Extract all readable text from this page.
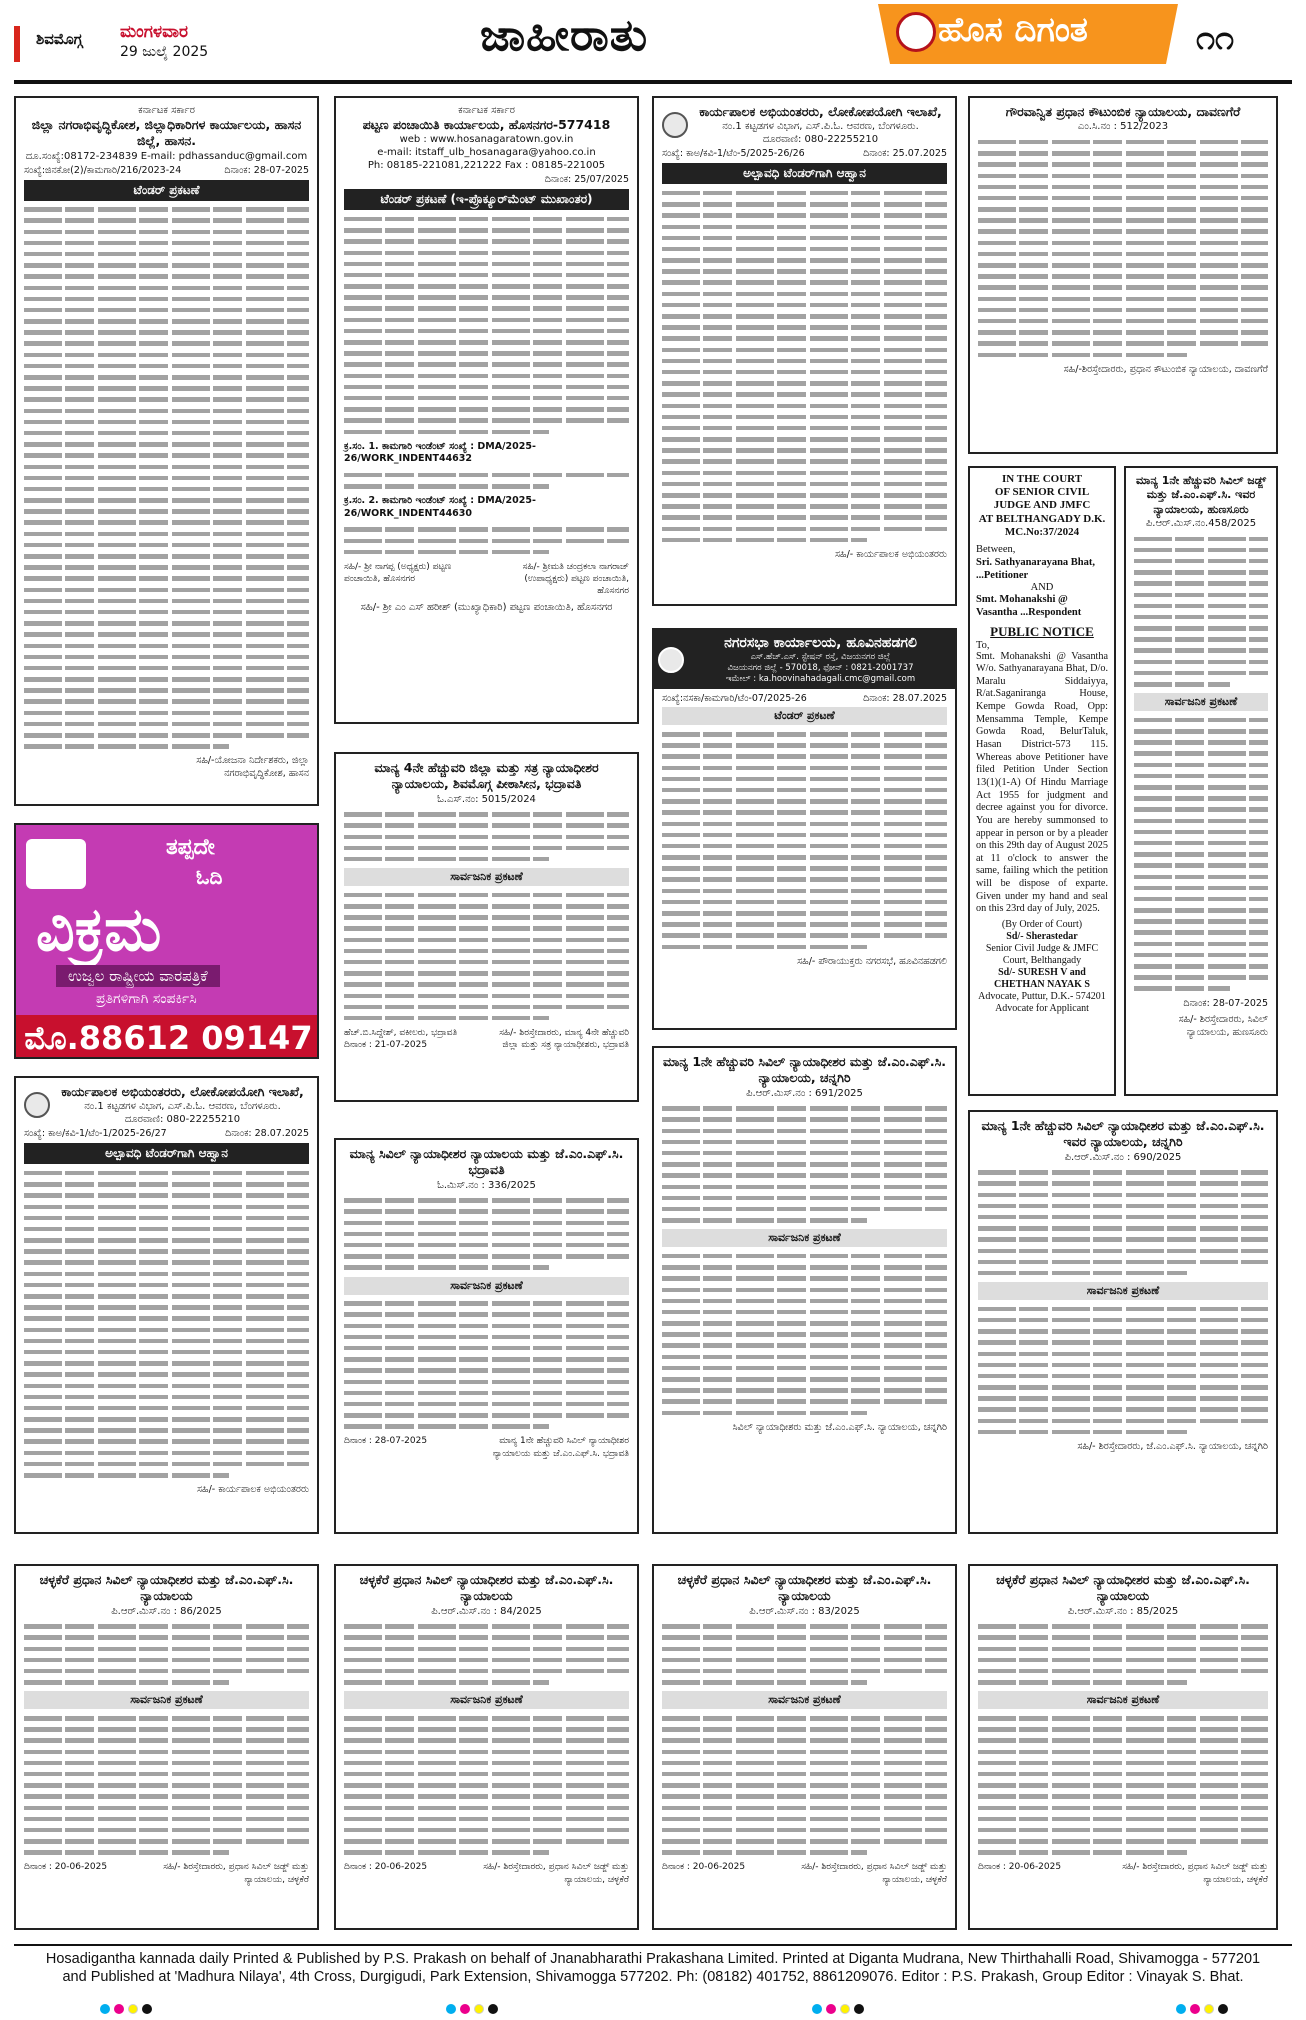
ಶಿವಮೊಗ್ಗ ಮಂಗಳವಾರ
29 ಜುಲೈ 2025	ಜಾಹೀರಾತು	ಹೊಸ ದಿಗಂತ	೧೧
ಕರ್ನಾಟಕ ಸರ್ಕಾರ
ಜಿಲ್ಲಾ ನಗರಾಭಿವೃದ್ಧಿಕೋಶ, ಜಿಲ್ಲಾಧಿಕಾರಿಗಳ ಕಾರ್ಯಾಲಯ, ಹಾಸನ ಜಿಲ್ಲೆ, ಹಾಸನ.
ದೂ.ಸಂಖ್ಯೆ:08172-234839 E-mail: pdhassanduc@gmail.com
ಸಂಖ್ಯೆ:ಜಿನಕೋ(2)/ಕಾಮಗಾರಿ/216/2023-24	ದಿನಾಂಕ: 28-07-2025
ಟೆಂಡರ್ ಪ್ರಕಟಣೆ
ಸಹಿ/-ಯೋಜನಾ ನಿರ್ದೇಶಕರು, ಜಿಲ್ಲಾ
ನಗರಾಭಿವೃದ್ಧಿಕೋಶ, ಹಾಸನ
ತಪ್ಪದೇ
ಓದಿ
ವಿಕ್ರಮ
ಉಜ್ವಲ ರಾಷ್ಟ್ರೀಯ ವಾರಪತ್ರಿಕೆ
ಪ್ರತಿಗಳಿಗಾಗಿ ಸಂಪರ್ಕಿಸಿ
ಮೊ.88612 09147
ಕಾರ್ಯಪಾಲಕ ಅಭಿಯಂತರರು, ಲೋಕೋಪಯೋಗಿ ಇಲಾಖೆ,
ನಂ.1 ಕಟ್ಟಡಗಳ ವಿಭಾಗ, ಎಸ್.ಪಿ.ಓ. ಆವರಣ, ಬೆಂಗಳೂರು.
ದೂರವಾಣಿ: 080-22255210
ಸಂಖ್ಯೆ: ಕಾಅ/ಕವಿ-1/ಟೆಂ-1/2025-26/27	ದಿನಾಂಕ: 28.07.2025
ಅಲ್ಪಾವಧಿ ಟೆಂಡರ್‌ಗಾಗಿ ಆಹ್ವಾನ
ಸಹಿ/- ಕಾರ್ಯಪಾಲಕ ಅಭಿಯಂತರರು
ಕರ್ನಾಟಕ ಸರ್ಕಾರ
ಪಟ್ಟಣ ಪಂಚಾಯಿತಿ ಕಾರ್ಯಾಲಯ, ಹೊಸನಗರ-577418
web : www.hosanagaratown.gov.in
e-mail: itstaff_ulb_hosanagara@yahoo.co.in
Ph: 08185-221081,221222 Fax : 08185-221005
ದಿನಾಂಕ: 25/07/2025
ಟೆಂಡರ್ ಪ್ರಕಟಣೆ (ಇ-ಪ್ರೊಕ್ಯೂರ್‌ಮೆಂಟ್ ಮುಖಾಂತರ)
ಕ್ರ.ಸಂ. 1. ಕಾಮಗಾರಿ ಇಂಡೆಂಟ್ ಸಂಖ್ಯೆ : DMA/2025-26/WORK_INDENT44632
ಕ್ರ.ಸಂ. 2. ಕಾಮಗಾರಿ ಇಂಡೆಂಟ್ ಸಂಖ್ಯೆ : DMA/2025-26/WORK_INDENT44630
ಸಹಿ/- ಶ್ರೀ ನಾಗಪ್ಪ (ಅಧ್ಯಕ್ಷರು) ಪಟ್ಟಣ ಪಂಚಾಯಿತಿ, ಹೊಸನಗರ
ಸಹಿ/- ಶ್ರೀಮತಿ ಚಂದ್ರಕಲಾ ನಾಗರಾಜ್ (ಉಪಾಧ್ಯಕ್ಷರು) ಪಟ್ಟಣ ಪಂಚಾಯಿತಿ, ಹೊಸನಗರ
ಸಹಿ/- ಶ್ರೀ ಎಂ ಎಸ್ ಹರೀಶ್ (ಮುಖ್ಯಾಧಿಕಾರಿ) ಪಟ್ಟಣ ಪಂಚಾಯಿತಿ, ಹೊಸನಗರ
ಮಾನ್ಯ 4ನೇ ಹೆಚ್ಚುವರಿ ಜಿಲ್ಲಾ ಮತ್ತು ಸತ್ರ ನ್ಯಾಯಾಧೀಶರ ನ್ಯಾಯಾಲಯ, ಶಿವಮೊಗ್ಗ ಪೀಠಾಸೀನ, ಭದ್ರಾವತಿ
ಓ.ಎಸ್.ನಂ: 5015/2024
ಸಾರ್ವಜನಿಕ ಪ್ರಕಟಣೆ
ಹೆಚ್.ಬಿ.ಸಿದ್ದೇಶ್, ವಕೀಲರು, ಭದ್ರಾವತಿ
ದಿನಾಂಕ : 21-07-2025
ಸಹಿ/- ಶಿರಸ್ತೇದಾರರು, ಮಾನ್ಯ 4ನೇ ಹೆಚ್ಚುವರಿ ಜಿಲ್ಲಾ ಮತ್ತು ಸತ್ರ ನ್ಯಾಯಾಧೀಶರು, ಭದ್ರಾವತಿ
ಮಾನ್ಯ ಸಿವಿಲ್ ನ್ಯಾಯಾಧೀಶರ ನ್ಯಾಯಾಲಯ ಮತ್ತು ಜೆ.ಎಂ.ಎಫ್.ಸಿ. ಭದ್ರಾವತಿ
ಓ.ಮಿಸ್.ನಂ : 336/2025
ಸಾರ್ವಜನಿಕ ಪ್ರಕಟಣೆ
ದಿನಾಂಕ : 28-07-2025	ಮಾನ್ಯ 1ನೇ ಹೆಚ್ಚುವರಿ ಸಿವಿಲ್ ನ್ಯಾಯಾಧೀಶರ ನ್ಯಾಯಾಲಯ ಮತ್ತು ಜೆ.ಎಂ.ಎಫ್.ಸಿ. ಭದ್ರಾವತಿ
ಕಾರ್ಯಪಾಲಕ ಅಭಿಯಂತರರು, ಲೋಕೋಪಯೋಗಿ ಇಲಾಖೆ,
ನಂ.1 ಕಟ್ಟಡಗಳ ವಿಭಾಗ, ಎಸ್.ಪಿ.ಓ. ಆವರಣ, ಬೆಂಗಳೂರು.
ದೂರವಾಣಿ: 080-22255210
ಸಂಖ್ಯೆ: ಕಾಅ/ಕವಿ-1/ಟೆಂ-5/2025-26/26	ದಿನಾಂಕ: 25.07.2025
ಅಲ್ಪಾವಧಿ ಟೆಂಡರ್‌ಗಾಗಿ ಆಹ್ವಾನ
ಸಹಿ/- ಕಾರ್ಯಪಾಲಕ ಅಭಿಯಂತರರು
ನಗರಸಭಾ ಕಾರ್ಯಾಲಯ, ಹೂವಿನಹಡಗಲಿ
ಎಸ್.ಹೆಚ್.ಎಸ್. ಸ್ಟೇಷನ್ ರಸ್ತೆ, ವಿಜಯನಗರ ಜಿಲ್ಲೆ
ವಿಜಯನಗರ ಜಿಲ್ಲೆ - 570018, ಫೋನ್ : 0821-2001737
ಇಮೇಲ್ : ka.hoovinahadagali.cmc@gmail.com
ಸಂಖ್ಯೆ:ನಸಕಾ/ಕಾಮಗಾರಿ/ಟೆಂ-07/2025-26	ದಿನಾಂಕ: 28.07.2025
ಟೆಂಡರ್ ಪ್ರಕಟಣೆ
ಸಹಿ/- ಪೌರಾಯುಕ್ತರು ನಗರಸಭೆ, ಹೂವಿನಹಡಗಲಿ
ಮಾನ್ಯ 1ನೇ ಹೆಚ್ಚುವರಿ ಸಿವಿಲ್ ನ್ಯಾಯಾಧೀಶರ ಮತ್ತು ಜೆ.ಎಂ.ಎಫ್.ಸಿ. ನ್ಯಾಯಾಲಯ, ಚನ್ನಗಿರಿ
ಪಿ.ಆರ್.ಮಿಸ್.ನಂ : 691/2025
ಸಾರ್ವಜನಿಕ ಪ್ರಕಟಣೆ
ಸಿವಿಲ್ ನ್ಯಾಯಾಧೀಶರು ಮತ್ತು ಜೆ.ಎಂ.ಎಫ್.ಸಿ. ನ್ಯಾಯಾಲಯ, ಚನ್ನಗಿರಿ
ಗೌರವಾನ್ವಿತ ಪ್ರಧಾನ ಕೌಟುಂಬಿಕ ನ್ಯಾಯಾಲಯ, ದಾವಣಗೆರೆ
ಎಂ.ಸಿ.ನಂ : 512/2023
ಸಹಿ/-ಶಿರಸ್ತೇದಾರರು, ಪ್ರಧಾನ ಕೌಟುಂಬಿಕ ನ್ಯಾಯಾಲಯ, ದಾವಣಗೆರೆ
IN THE COURT
OF SENIOR CIVIL
JUDGE AND JMFC
AT BELTHANGADY D.K.
MC.No:37/2024
Between,
Sri. Sathyanarayana Bhat, ...Petitioner
AND
Smt. Mohanakshi @ Vasantha ...Respondent
PUBLIC NOTICE
To,
Smt. Mohanakshi @ Vasantha W/o. Sathyanarayana Bhat, D/o. Maralu Siddaiyya, R/at.Saganiranga House, Kempe Gowda Road, Opp: Mensamma Temple, Kempe Gowda Road, BelurTaluk, Hasan District-573 115. Whereas above Petitioner have filed Petition Under Section 13(1)(1-A) Of Hindu Marriage Act 1955 for judgment and decree against you for divorce. You are hereby summonsed to appear in person or by a pleader on this 29th day of August 2025 at 11 o'clock to answer the same, failing which the petition will be dispose of exparte. Given under my hand and seal on this 23rd day of July, 2025.
(By Order of Court)
Sd/- Sherastedar
Senior Civil Judge & JMFC Court, Belthangady
Sd/- SURESH V and CHETHAN NAYAK S
Advocate, Puttur, D.K.- 574201
Advocate for Applicant
ಮಾನ್ಯ 1ನೇ ಹೆಚ್ಚುವರಿ ಸಿವಿಲ್ ಜಡ್ಜ್ ಮತ್ತು ಜೆ.ಎಂ.ಎಫ್.ಸಿ. ಇವರ ನ್ಯಾಯಾಲಯ, ಹುಣಸೂರು
ಪಿ.ಆರ್.ಮಿಸ್.ನಂ.458/2025
ಸಾರ್ವಜನಿಕ ಪ್ರಕಟಣೆ
ದಿನಾಂಕ: 28-07-2025
ಸಹಿ/- ಶಿರಸ್ತೇದಾರರು, ಸಿವಿಲ್ ನ್ಯಾಯಾಲಯ, ಹುಣಸೂರು
ಮಾನ್ಯ 1ನೇ ಹೆಚ್ಚುವರಿ ಸಿವಿಲ್ ನ್ಯಾಯಾಧೀಶರ ಮತ್ತು ಜೆ.ಎಂ.ಎಫ್.ಸಿ. ಇವರ ನ್ಯಾಯಾಲಯ, ಚನ್ನಗಿರಿ
ಪಿ.ಆರ್.ಮಿಸ್.ನಂ : 690/2025
ಸಾರ್ವಜನಿಕ ಪ್ರಕಟಣೆ
ಸಹಿ/- ಶಿರಸ್ತೇದಾರರು, ಜೆ.ಎಂ.ಎಫ್.ಸಿ. ನ್ಯಾಯಾಲಯ, ಚನ್ನಗಿರಿ
ಚಳ್ಳಕೆರೆ ಪ್ರಧಾನ ಸಿವಿಲ್ ನ್ಯಾಯಾಧೀಶರ ಮತ್ತು ಜೆ.ಎಂ.ಎಫ್.ಸಿ. ನ್ಯಾಯಾಲಯ
ಪಿ.ಆರ್.ಮಿಸ್.ನಂ : 86/2025
ಸಾರ್ವಜನಿಕ ಪ್ರಕಟಣೆ
ದಿನಾಂಕ : 20-06-2025	ಸಹಿ/- ಶಿರಸ್ತೇದಾರರು, ಪ್ರಧಾನ ಸಿವಿಲ್ ಜಡ್ಜ್ ಮತ್ತು ನ್ಯಾಯಾಲಯ, ಚಳ್ಳಕೆರೆ
ಚಳ್ಳಕೆರೆ ಪ್ರಧಾನ ಸಿವಿಲ್ ನ್ಯಾಯಾಧೀಶರ ಮತ್ತು ಜೆ.ಎಂ.ಎಫ್.ಸಿ. ನ್ಯಾಯಾಲಯ
ಪಿ.ಆರ್.ಮಿಸ್.ನಂ : 84/2025
ಸಾರ್ವಜನಿಕ ಪ್ರಕಟಣೆ
ದಿನಾಂಕ : 20-06-2025	ಸಹಿ/- ಶಿರಸ್ತೇದಾರರು, ಪ್ರಧಾನ ಸಿವಿಲ್ ಜಡ್ಜ್ ಮತ್ತು ನ್ಯಾಯಾಲಯ, ಚಳ್ಳಕೆರೆ
ಚಳ್ಳಕೆರೆ ಪ್ರಧಾನ ಸಿವಿಲ್ ನ್ಯಾಯಾಧೀಶರ ಮತ್ತು ಜೆ.ಎಂ.ಎಫ್.ಸಿ. ನ್ಯಾಯಾಲಯ
ಪಿ.ಆರ್.ಮಿಸ್.ನಂ : 83/2025
ಸಾರ್ವಜನಿಕ ಪ್ರಕಟಣೆ
ದಿನಾಂಕ : 20-06-2025	ಸಹಿ/- ಶಿರಸ್ತೇದಾರರು, ಪ್ರಧಾನ ಸಿವಿಲ್ ಜಡ್ಜ್ ಮತ್ತು ನ್ಯಾಯಾಲಯ, ಚಳ್ಳಕೆರೆ
ಚಳ್ಳಕೆರೆ ಪ್ರಧಾನ ಸಿವಿಲ್ ನ್ಯಾಯಾಧೀಶರ ಮತ್ತು ಜೆ.ಎಂ.ಎಫ್.ಸಿ. ನ್ಯಾಯಾಲಯ
ಪಿ.ಆರ್.ಮಿಸ್.ನಂ : 85/2025
ಸಾರ್ವಜನಿಕ ಪ್ರಕಟಣೆ
ದಿನಾಂಕ : 20-06-2025	ಸಹಿ/- ಶಿರಸ್ತೇದಾರರು, ಪ್ರಧಾನ ಸಿವಿಲ್ ಜಡ್ಜ್ ಮತ್ತು ನ್ಯಾಯಾಲಯ, ಚಳ್ಳಕೆರೆ
Hosadigantha kannada daily Printed & Published by P.S. Prakash on behalf of Jnanabharathi Prakashana Limited. Printed at Diganta Mudrana, New Thirthahalli Road, Shivamogga - 577201
and Published at 'Madhura Nilaya', 4th Cross, Durgigudi, Park Extension, Shivamogga 577202. Ph: (08182) 401752, 8861209076. Editor : P.S. Prakash, Group Editor : Vinayak S. Bhat.
